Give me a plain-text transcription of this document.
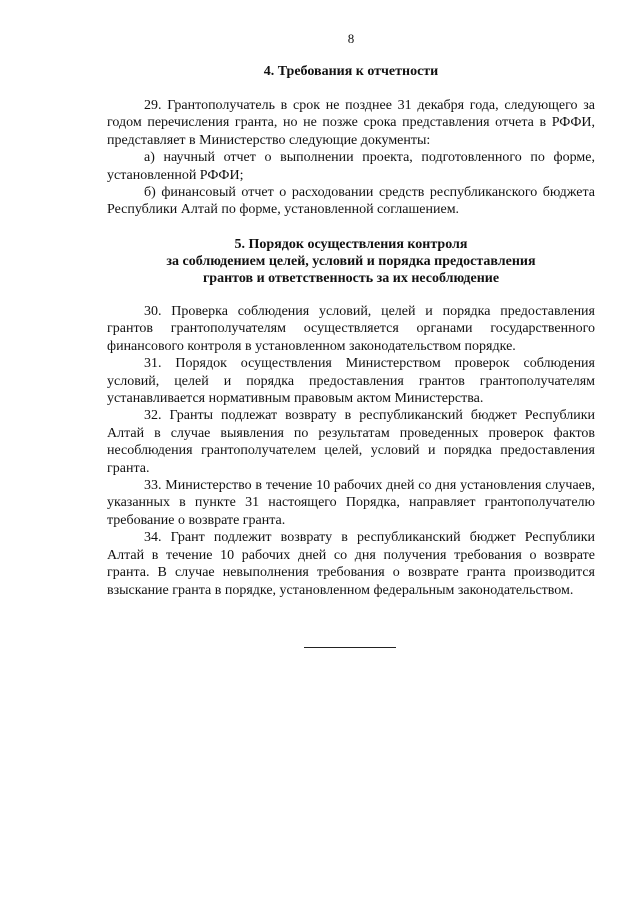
8
4. Требования к отчетности

29. Грантополучатель в срок не позднее 31 декабря года, следующего за годом перечисления гранта, но не позже срока представления отчета в РФФИ, представляет в Министерство следующие документы:

а) научный отчет о выполнении проекта, подготовленного по форме, установленной РФФИ;

б) финансовый отчет о расходовании средств республиканского бюджета Республики Алтай по форме, установленной соглашением.

5. Порядок осуществления контроля
за соблюдением целей, условий и порядка предоставления
грантов и ответственность за их несоблюдение

30. Проверка соблюдения условий, целей и порядка предоставления грантов грантополучателям осуществляется органами государственного финансового контроля в установленном законодательством порядке.

31. Порядок осуществления Министерством проверок соблюдения условий, целей и порядка предоставления грантов грантополучателям устанавливается нормативным правовым актом Министерства.

32. Гранты подлежат возврату в республиканский бюджет Республики Алтай в случае выявления по результатам проведенных проверок фактов несоблюдения грантополучателем целей, условий и порядка предоставления гранта.

33. Министерство в течение 10 рабочих дней со дня установления случаев, указанных в пункте 31 настоящего Порядка, направляет грантополучателю требование о возврате гранта.

34. Грант подлежит возврату в республиканский бюджет Республики Алтай в течение 10 рабочих дней со дня получения требования о возврате гранта. В случае невыполнения требования о возврате гранта производится взыскание гранта в порядке, установленном федеральным законодательством.
